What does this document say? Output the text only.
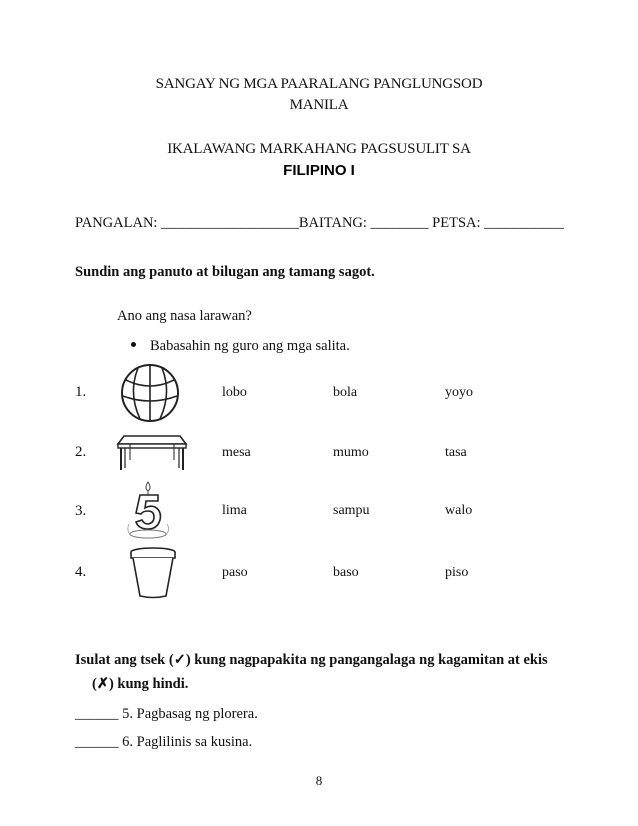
SANGAY NG MGA PAARALANG PANGLUNGSOD
MANILA
IKALAWANG MARKAHANG PAGSUSULIT SA
FILIPINO I
PANGALAN: ___________________BAITANG: ________ PETSA: ___________
Sundin ang panuto at bilugan ang tamang sagot.
Ano ang nasa larawan?
Babasahin ng guro ang mga salita.
1.	lobo	bola	yoyo
2.	mesa	mumo	tasa
3.	lima	sampu	walo
4.	paso	baso	piso
Isulat ang tsek (✓) kung nagpapakita ng pangangalaga ng kagamitan at ekis
(✗) kung hindi.
______ 5. Pagbasag ng plorera.
______ 6. Paglilinis sa kusina.
8
